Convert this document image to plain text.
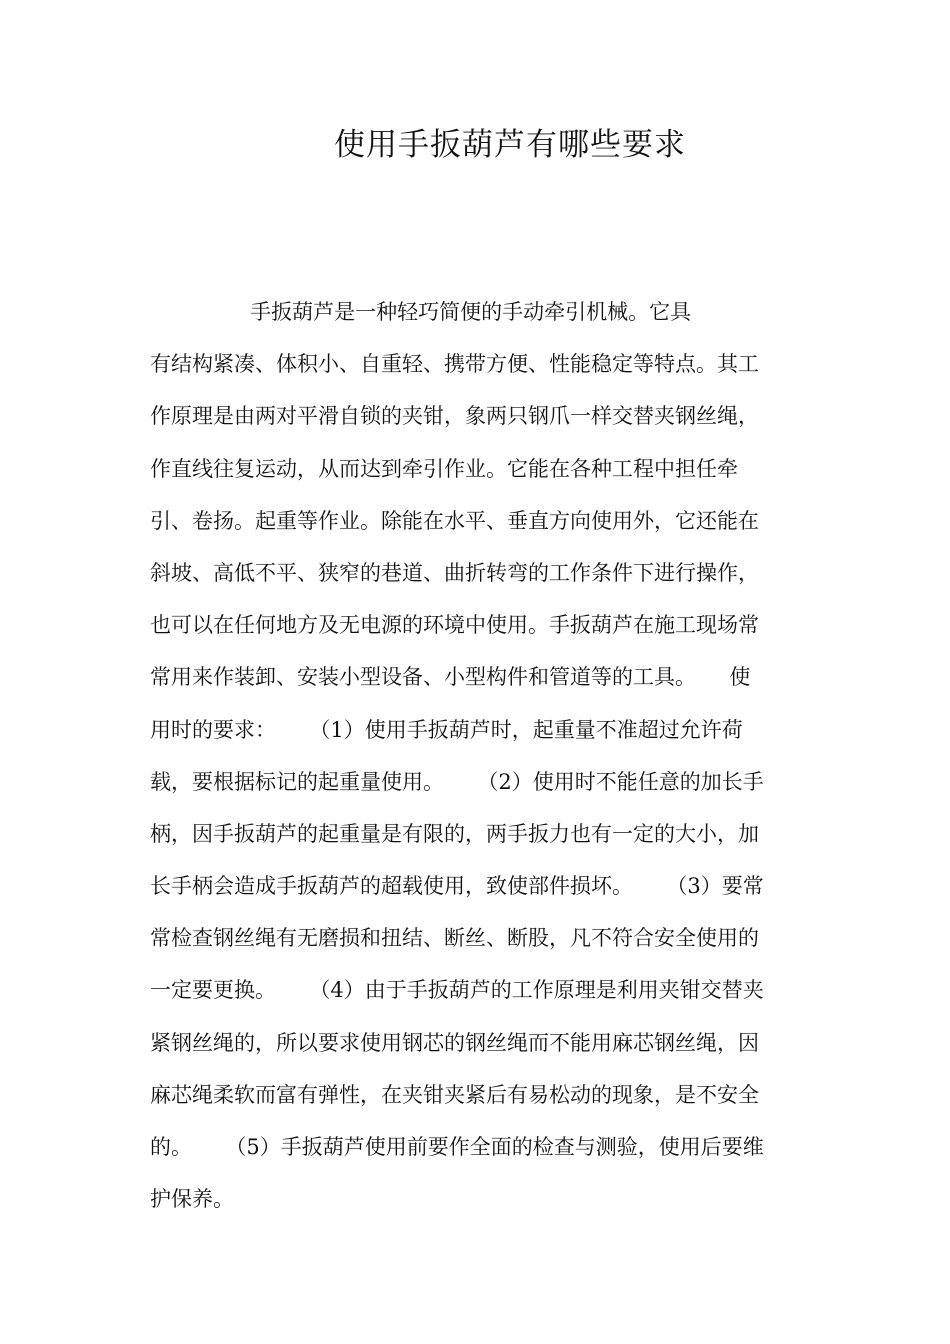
使用手扳葫芦有哪些要求
手扳葫芦是一种轻巧简便的手动牵引机械。它具
有结构紧凑、体积小、自重轻、携带方便、性能稳定等特点。其工
作原理是由两对平滑自锁的夹钳，象两只钢爪一样交替夹钢丝绳，
作直线往复运动，从而达到牵引作业。它能在各种工程中担任牵
引、卷扬。起重等作业。除能在水平、垂直方向使用外，它还能在
斜坡、高低不平、狭窄的巷道、曲折转弯的工作条件下进行操作，
也可以在任何地方及无电源的环境中使用。手扳葫芦在施工现场常
常用来作装卸、安装小型设备、小型构件和管道等的工具。     使
用时的要求：     （1）使用手扳葫芦时，起重量不准超过允许荷
载，要根据标记的起重量使用。     （2）使用时不能任意的加长手
柄，因手扳葫芦的起重量是有限的，两手扳力也有一定的大小，加
长手柄会造成手扳葫芦的超载使用，致使部件损坏。     （3）要常
常检查钢丝绳有无磨损和扭结、断丝、断股，凡不符合安全使用的
一定要更换。     （4）由于手扳葫芦的工作原理是利用夹钳交替夹
紧钢丝绳的，所以要求使用钢芯的钢丝绳而不能用麻芯钢丝绳，因
麻芯绳柔软而富有弹性，在夹钳夹紧后有易松动的现象，是不安全
的。     （5）手扳葫芦使用前要作全面的检查与测验，使用后要维
护保养。
